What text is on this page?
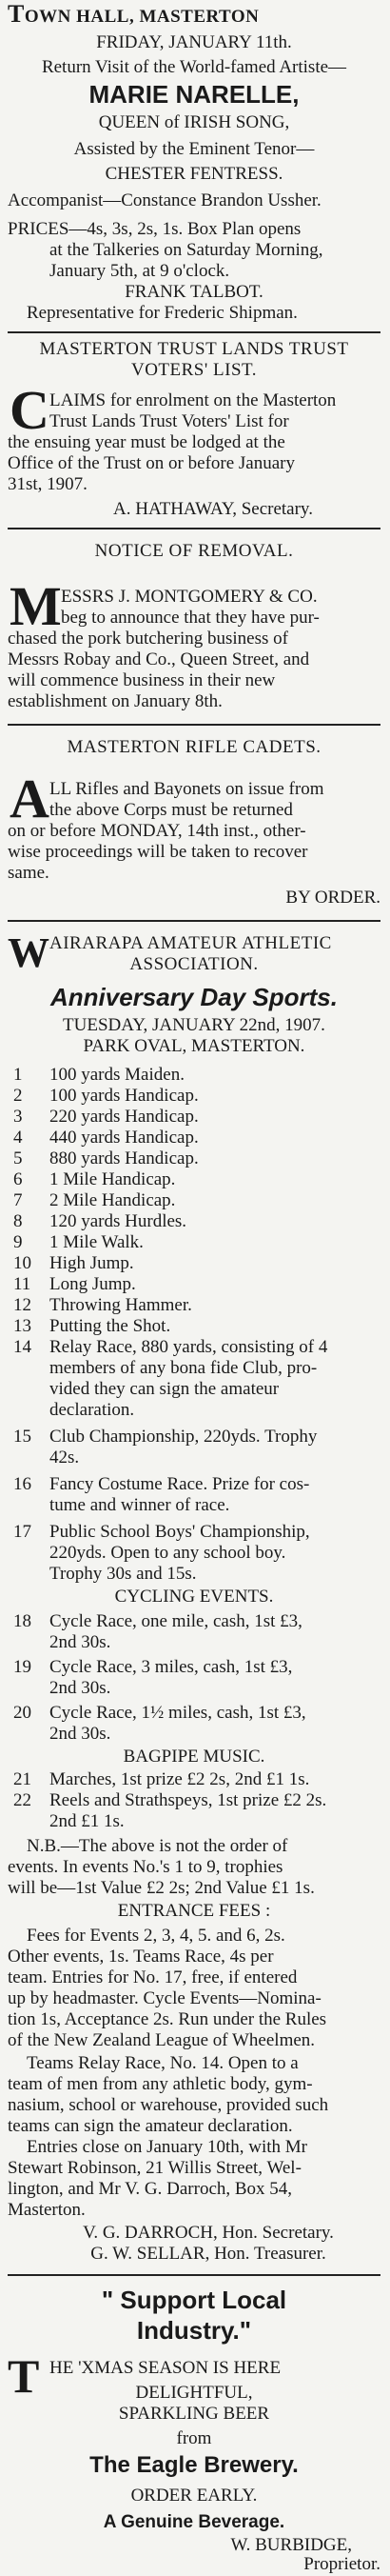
TOWN HALL, MASTERTON
FRIDAY, JANUARY 11th.
Return Visit of the World-famed Artiste—
MARIE NARELLE,
QUEEN of IRISH SONG,
Assisted by the Eminent Tenor—
CHESTER FENTRESS.
Accompanist—Constance Brandon Ussher.
PRICES—4s, 3s, 2s, 1s. Box Plan opens
at the Talkeries on Saturday Morning,
January 5th, at 9 o'clock.
FRANK TALBOT.
Representative for Frederic Shipman.
MASTERTON TRUST LANDS TRUST
VOTERS' LIST.
C LAIMS for enrolment on the Masterton
Trust Lands Trust Voters' List for
the ensuing year must be lodged at the
Office of the Trust on or before January
31st, 1907.
A. HATHAWAY, Secretary.
NOTICE OF REMOVAL.
M ESSRS J. MONTGOMERY & CO.
beg to announce that they have pur-
chased the pork butchering business of
Messrs Robay and Co., Queen Street, and
will commence business in their new
establishment on January 8th.
MASTERTON RIFLE CADETS.
A LL Rifles and Bayonets on issue from
the above Corps must be returned
on or before MONDAY, 14th inst., other-
wise proceedings will be taken to recover
same.
BY ORDER.
W AIRARAPA AMATEUR ATHLETIC
ASSOCIATION.
Anniversary Day Sports.
TUESDAY, JANUARY 22nd, 1907.
PARK OVAL, MASTERTON.
1 100 yards Maiden.
2 100 yards Handicap.
3 220 yards Handicap.
4 440 yards Handicap.
5 880 yards Handicap.
6 1 Mile Handicap.
7 2 Mile Handicap.
8 120 yards Hurdles.
9 1 Mile Walk.
10 High Jump.
11 Long Jump.
12 Throwing Hammer.
13 Putting the Shot.
14 Relay Race, 880 yards, consisting of 4
members of any bona fide Club, pro-
vided they can sign the amateur
declaration.
15 Club Championship, 220yds. Trophy
42s.
16 Fancy Costume Race. Prize for cos-
tume and winner of race.
17 Public School Boys' Championship,
220yds. Open to any school boy.
Trophy 30s and 15s.
CYCLING EVENTS.
18 Cycle Race, one mile, cash, 1st £3,
2nd 30s.
19 Cycle Race, 3 miles, cash, 1st £3,
2nd 30s.
20 Cycle Race, 1½ miles, cash, 1st £3,
2nd 30s.
BAGPIPE MUSIC.
21 Marches, 1st prize £2 2s, 2nd £1 1s.
22 Reels and Strathspeys, 1st prize £2 2s.
2nd £1 1s.
N.B.—The above is not the order of
events. In events No.'s 1 to 9, trophies
will be—1st Value £2 2s; 2nd Value £1 1s.
ENTRANCE FEES :
Fees for Events 2, 3, 4, 5. and 6, 2s.
Other events, 1s. Teams Race, 4s per
team. Entries for No. 17, free, if entered
up by headmaster. Cycle Events—Nomina-
tion 1s, Acceptance 2s. Run under the Rules
of the New Zealand League of Wheelmen.
Teams Relay Race, No. 14. Open to a
team of men from any athletic body, gym-
nasium, school or warehouse, provided such
teams can sign the amateur declaration.
Entries close on January 10th, with Mr
Stewart Robinson, 21 Willis Street, Wel-
lington, and Mr V. G. Darroch, Box 54,
Masterton.
V. G. DARROCH, Hon. Secretary.
G. W. SELLAR, Hon. Treasurer.
" Support Local
Industry."
T HE 'XMAS SEASON IS HERE
DELIGHTFUL,
SPARKLING BEER
from
The Eagle Brewery.
ORDER EARLY.
A Genuine Beverage.
W. BURBIDGE,
Proprietor.
